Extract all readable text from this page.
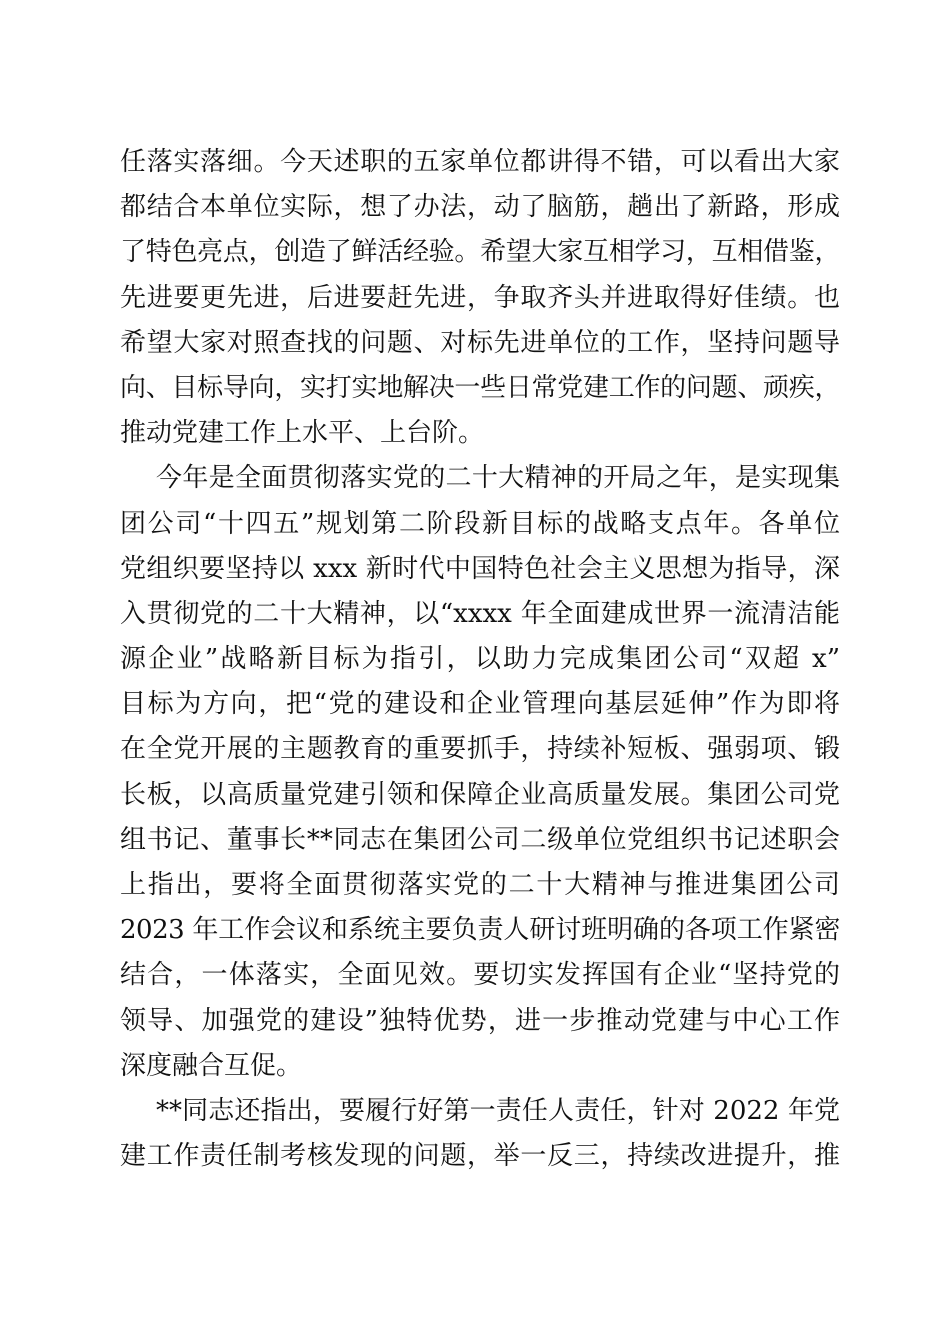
任落实落细。今天述职的五家单位都讲得不错，可以看出大家
都结合本单位实际，想了办法，动了脑筋，趟出了新路，形成
了特色亮点，创造了鲜活经验。希望大家互相学习，互相借鉴，
先进要更先进，后进要赶先进，争取齐头并进取得好佳绩。也
希望大家对照查找的问题、对标先进单位的工作，坚持问题导
向、目标导向，实打实地解决一些日常党建工作的问题、顽疾，
推动党建工作上水平、上台阶。
今年是全面贯彻落实党的二十大精神的开局之年，是实现集
团公司“十四五”规划第二阶段新目标的战略支点年。各单位
党组织要坚持以 xxx 新时代中国特色社会主义思想为指导，深
入贯彻党的二十大精神，以“xxxx 年全面建成世界一流清洁能
源企业”战略新目标为指引，以助力完成集团公司“双超 x”
目标为方向，把“党的建设和企业管理向基层延伸”作为即将
在全党开展的主题教育的重要抓手，持续补短板、强弱项、锻
长板，以高质量党建引领和保障企业高质量发展。集团公司党
组书记、董事长**同志在集团公司二级单位党组织书记述职会
上指出，要将全面贯彻落实党的二十大精神与推进集团公司
2023 年工作会议和系统主要负责人研讨班明确的各项工作紧密
结合，一体落实，全面见效。要切实发挥国有企业“坚持党的
领导、加强党的建设”独特优势，进一步推动党建与中心工作
深度融合互促。
**同志还指出，要履行好第一责任人责任，针对 2022 年党
建工作责任制考核发现的问题，举一反三，持续改进提升，推
